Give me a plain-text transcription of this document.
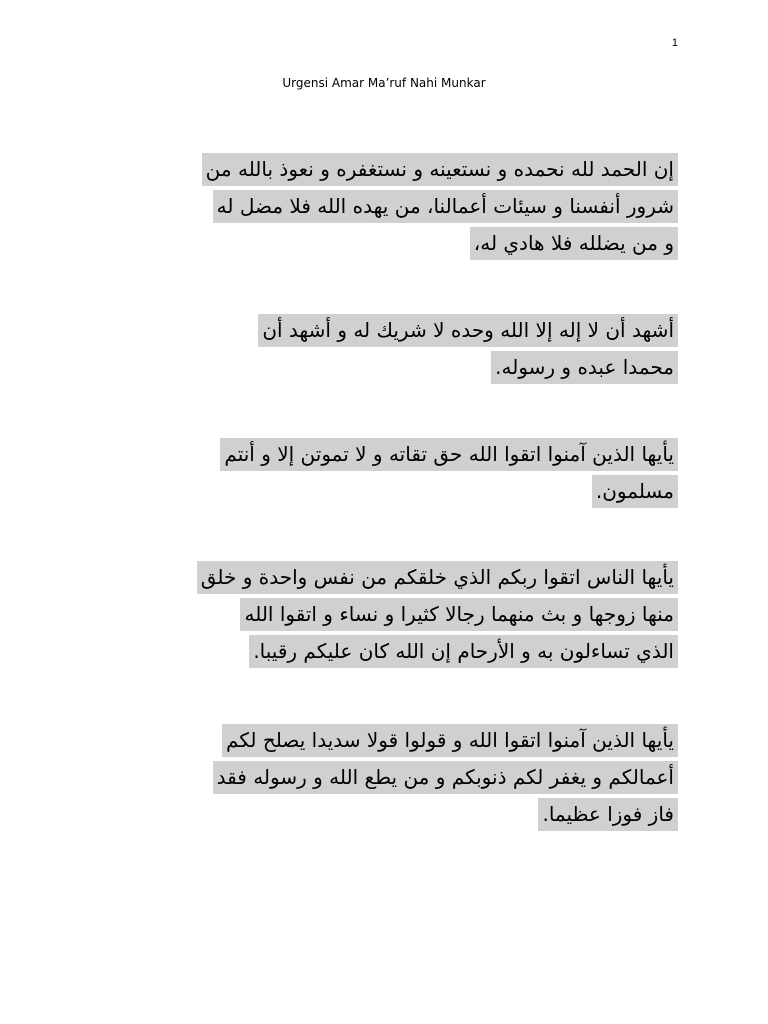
1
Urgensi Amar Ma’ruf Nahi Munkar
إن الحمد لله نحمده و نستعينه و نستغفره و نعوذ بالله من
شرور أنفسنا و سيئات أعمالنا، من يهده الله فلا مضل له
و من يضلله فلا هادي له،
أشهد أن لا إله إلا الله وحده لا شريك له و أشهد أن
محمدا عبده و رسوله.
يأيها الذين آمنوا اتقوا الله حق تقاته و لا تموتن إلا و أنتم
مسلمون.
يأيها الناس اتقوا ربكم الذي خلقكم من نفس واحدة و خلق
منها زوجها و بث منهما رجالا كثيرا و نساء و اتقوا الله
الذي تساءلون به و الأرحام إن الله كان عليكم رقيبا.
يأيها الذين آمنوا اتقوا الله و قولوا قولا سديدا يصلح لكم
أعمالكم و يغفر لكم ذنوبكم و من يطع الله و رسوله فقد
فاز فوزا عظيما.
